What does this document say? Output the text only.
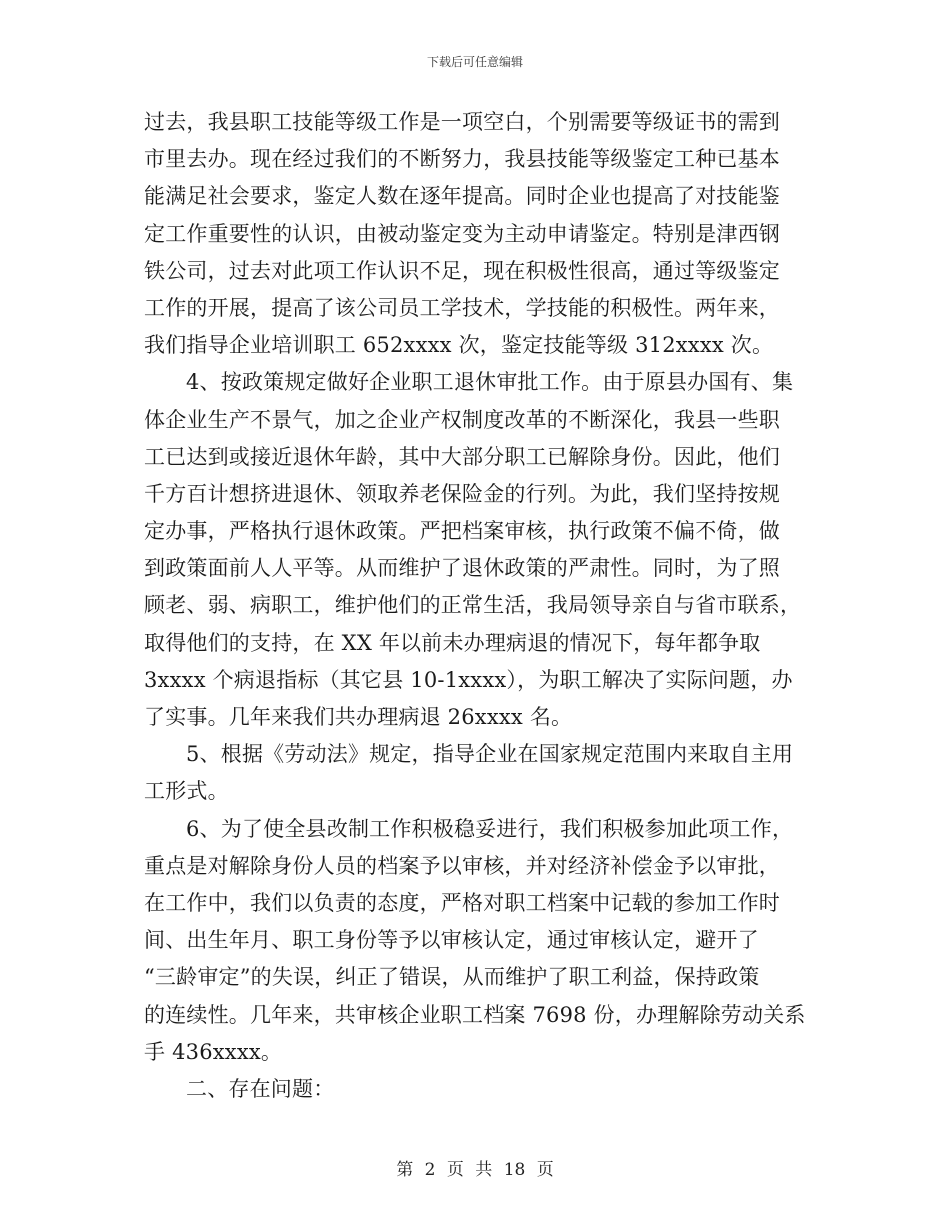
下载后可任意编辑
过去，我县职工技能等级工作是一项空白，个别需要等级证书的需到
市里去办。现在经过我们的不断努力，我县技能等级鉴定工种已基本
能满足社会要求，鉴定人数在逐年提高。同时企业也提高了对技能鉴
定工作重要性的认识，由被动鉴定变为主动申请鉴定。特别是津西钢
铁公司，过去对此项工作认识不足，现在积极性很高，通过等级鉴定
工作的开展，提高了该公司员工学技术，学技能的积极性。两年来，
我们指导企业培训职工 652xxxx 次，鉴定技能等级 312xxxx 次。
4、按政策规定做好企业职工退休审批工作。由于原县办国有、集
体企业生产不景气，加之企业产权制度改革的不断深化，我县一些职
工已达到或接近退休年龄，其中大部分职工已解除身份。因此，他们
千方百计想挤进退休、领取养老保险金的行列。为此，我们坚持按规
定办事，严格执行退休政策。严把档案审核，执行政策不偏不倚，做
到政策面前人人平等。从而维护了退休政策的严肃性。同时，为了照
顾老、弱、病职工，维护他们的正常生活，我局领导亲自与省市联系，
取得他们的支持，在 XX 年以前未办理病退的情况下，每年都争取
3xxxx 个病退指标（其它县 10-1xxxx），为职工解决了实际问题，办
了实事。几年来我们共办理病退 26xxxx 名。
5、根据《劳动法》规定，指导企业在国家规定范围内来取自主用
工形式。
6、为了使全县改制工作积极稳妥进行，我们积极参加此项工作，
重点是对解除身份人员的档案予以审核，并对经济补偿金予以审批，
在工作中，我们以负责的态度，严格对职工档案中记载的参加工作时
间、出生年月、职工身份等予以审核认定，通过审核认定，避开了
“三龄审定”的失误，纠正了错误，从而维护了职工利益，保持政策
的连续性。几年来，共审核企业职工档案 7698 份，办理解除劳动关系
手 436xxxx。
二、存在问题：
第 2 页 共 18 页
